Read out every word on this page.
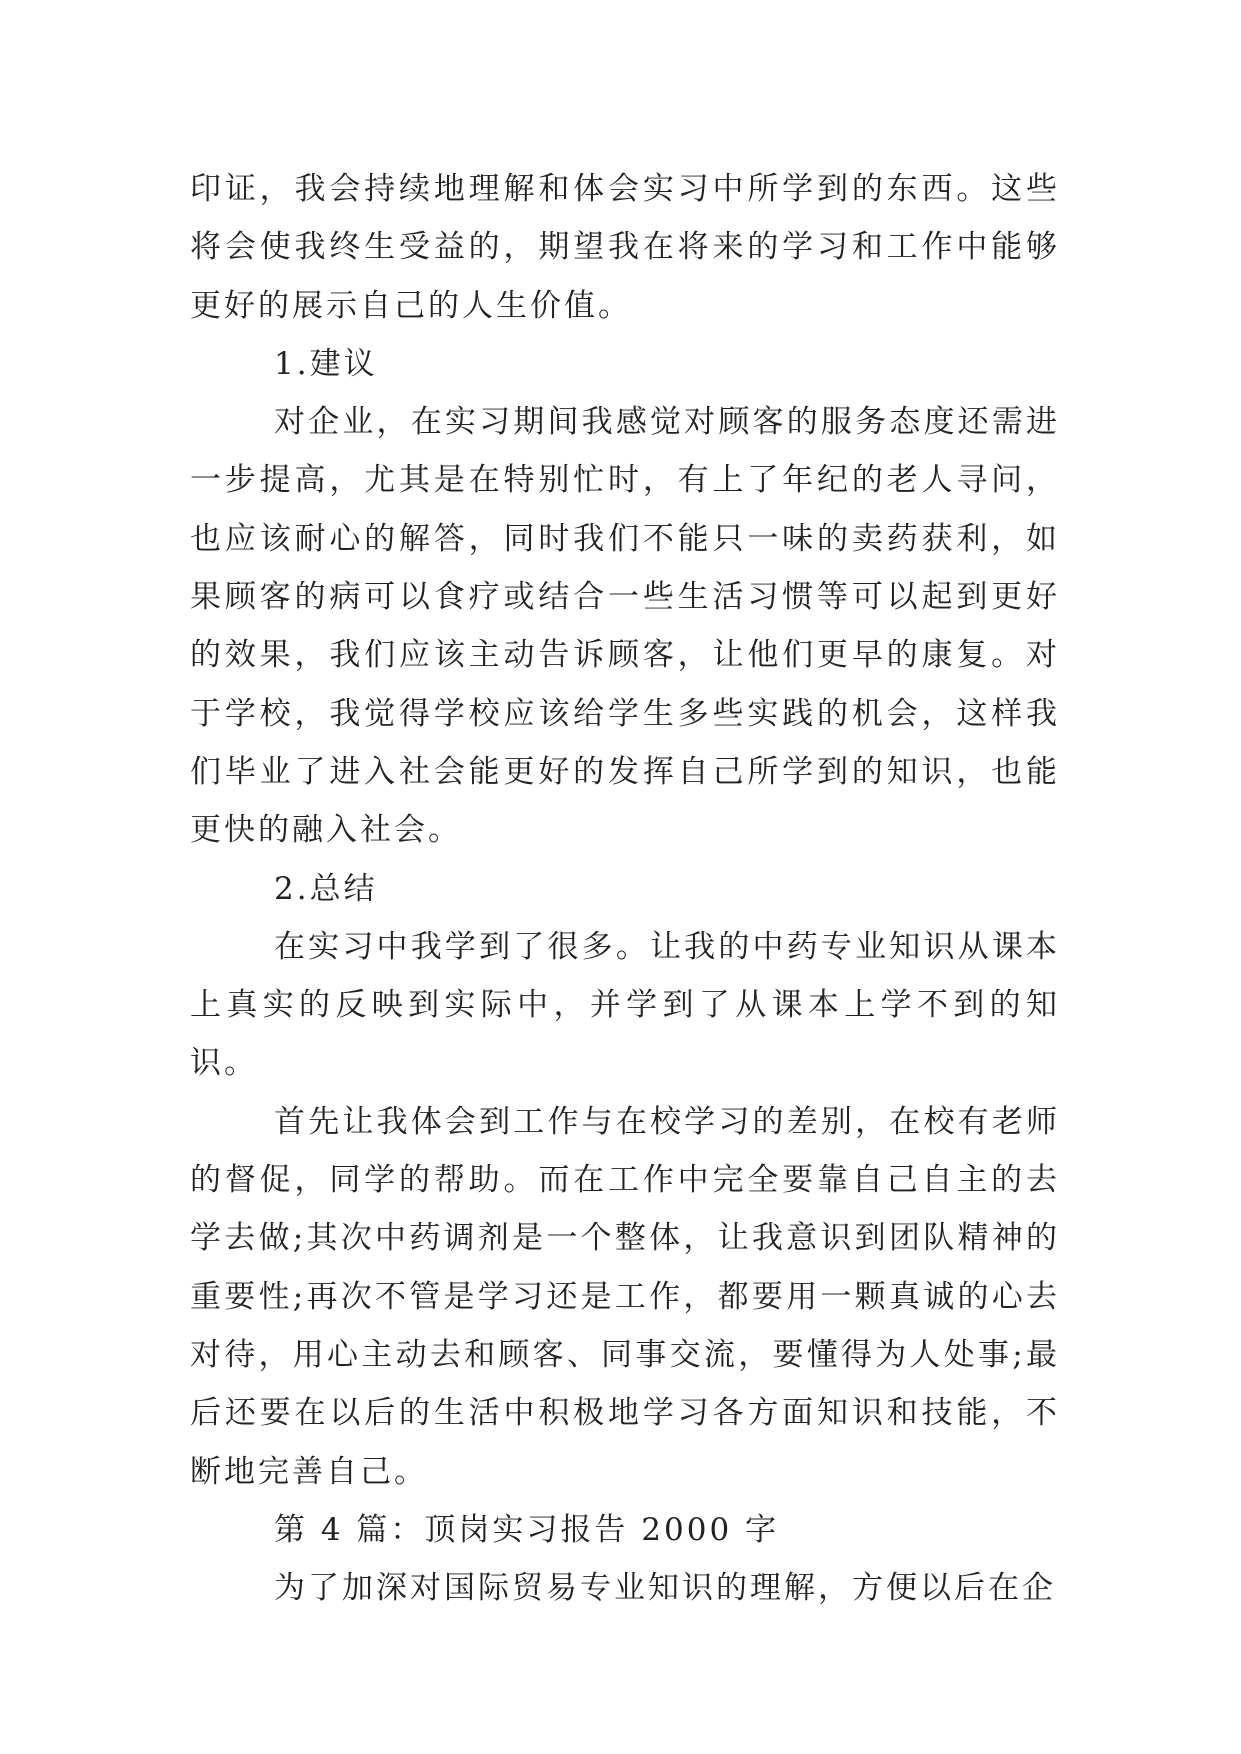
印证，我会持续地理解和体会实习中所学到的东西。这些将会使我终生受益的，期望我在将来的学习和工作中能够更好的展示自己的人生价值。

1.建议

对企业，在实习期间我感觉对顾客的服务态度还需进一步提高，尤其是在特别忙时，有上了年纪的老人寻问，也应该耐心的解答，同时我们不能只一味的卖药获利，如果顾客的病可以食疗或结合一些生活习惯等可以起到更好的效果，我们应该主动告诉顾客，让他们更早的康复。对于学校，我觉得学校应该给学生多些实践的机会，这样我们毕业了进入社会能更好的发挥自己所学到的知识，也能更快的融入社会。

2.总结

在实习中我学到了很多。让我的中药专业知识从课本上真实的反映到实际中，并学到了从课本上学不到的知识。

首先让我体会到工作与在校学习的差别，在校有老师的督促，同学的帮助。而在工作中完全要靠自己自主的去学去做;其次中药调剂是一个整体，让我意识到团队精神的重要性;再次不管是学习还是工作，都要用一颗真诚的心去对待，用心主动去和顾客、同事交流，要懂得为人处事;最后还要在以后的生活中积极地学习各方面知识和技能，不断地完善自己。

第 4 篇：顶岗实习报告 2000 字

为了加深对国际贸易专业知识的理解，方便以后在企
